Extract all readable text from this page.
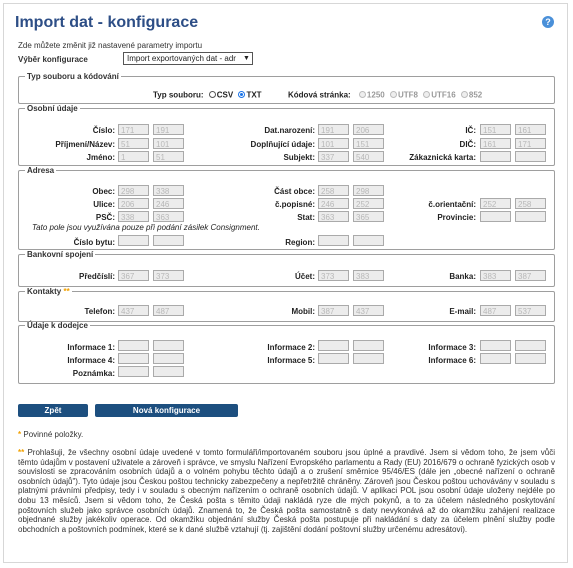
Import dat - konfigurace	?
Zde můžete změnit již nastavené parametry importu
Výběr konfigurace	Import exportovaných dat - adr ▼
Typ souboru a kódování
Typ souboru: CSV TXT	Kódová stránka: 1250 UTF8 UTF16 852
Osobní údaje
Číslo: 171	191
Příjmení/Název: 51	101
Jméno: 1	51
Dat.narození: 191	206
Doplňující údaje: 101	151
Subjekt: 337	540
IČ: 151	161
DIČ: 161	171
Zákaznická karta:
Adresa
Obec: 298	338
Ulice: 206	246
PSČ: 338	363
Část obce: 258	298
č.popisné: 246	252
Stat: 363	365
č.orientační: 252	258
Provincie:
Tato pole jsou využívána pouze při podání zásilek Consignment.
Číslo bytu:	Region:
Bankovní spojení
Předčíslí: 367	373	Účet: 373	383	Banka: 383	387
Kontakty **
Telefon: 437	487	Mobil: 387	437	E-mail: 487	537
Údaje k dodejce
Informace 1:
Informace 4:
Poznámka:
Informace 2:
Informace 5:
Informace 3:
Informace 6:
Zpět	Nová konfigurace
* Povinné položky.
** Prohlašuji, že všechny osobní údaje uvedené v tomto formuláři/importovaném souboru jsou úplné a pravdivé. Jsem si vědom toho, že jsem vůči těmto údajům v postavení uživatele a zároveň i správce, ve smyslu Nařízení Evropského parlamentu a Rady (EU) 2016/679 o ochraně fyzických osob v souvislosti se zpracováním osobních údajů a o volném pohybu těchto údajů a o zrušení směrnice 95/46/ES (dále jen „obecné nařízení o ochraně osobních údajů"). Tyto údaje jsou Českou poštou technicky zabezpečeny a nepřetržitě chráněny. Zároveň jsou Českou poštou uchovávány v souladu s platnými právními předpisy, tedy i v souladu s obecným nařízením o ochraně osobních údajů. V aplikaci POL jsou osobní údaje uloženy nejdéle po dobu 13 měsíců. Jsem si vědom toho, že Česká pošta s těmito údaji nakládá ryze dle mých pokynů, a to za účelem následného poskytování poštovních služeb jako správce osobních údajů. Znamená to, že Česká pošta samostatně s daty nevykonává až do okamžiku zahájení realizace objednané služby jakékoliv operace. Od okamžiku objednání služby Česká pošta postupuje při nakládání s daty za účelem plnění služby podle obchodních a poštovních podmínek, které se k dané službě vztahují (tj. zajištění dodání poštovní služby určenému adresátovi).
